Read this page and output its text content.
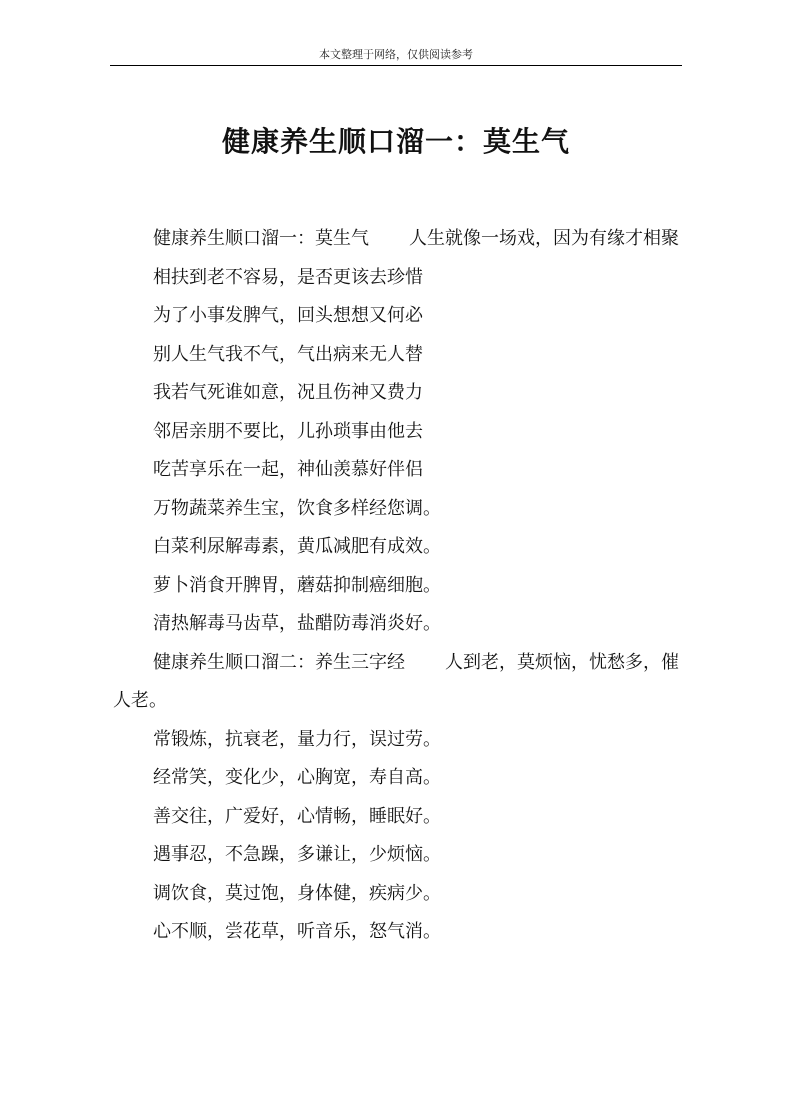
本文整理于网络，仅供阅读参考
健康养生顺口溜一：莫生气

健康养生顺口溜一：莫生气 人生就像一场戏，因为有缘才相聚

相扶到老不容易，是否更该去珍惜

为了小事发脾气，回头想想又何必

别人生气我不气，气出病来无人替

我若气死谁如意，况且伤神又费力

邻居亲朋不要比，儿孙琐事由他去

吃苦享乐在一起，神仙羡慕好伴侣

万物蔬菜养生宝，饮食多样经您调。

白菜利尿解毒素，黄瓜减肥有成效。

萝卜消食开脾胃，蘑菇抑制癌细胞。

清热解毒马齿草，盐醋防毒消炎好。

健康养生顺口溜二：养生三字经 人到老，莫烦恼，忧愁多，催人老。

常锻炼，抗衰老，量力行，误过劳。

经常笑，变化少，心胸宽，寿自高。

善交往，广爱好，心情畅，睡眠好。

遇事忍，不急躁，多谦让，少烦恼。

调饮食，莫过饱，身体健，疾病少。

心不顺，尝花草，听音乐，怒气消。
